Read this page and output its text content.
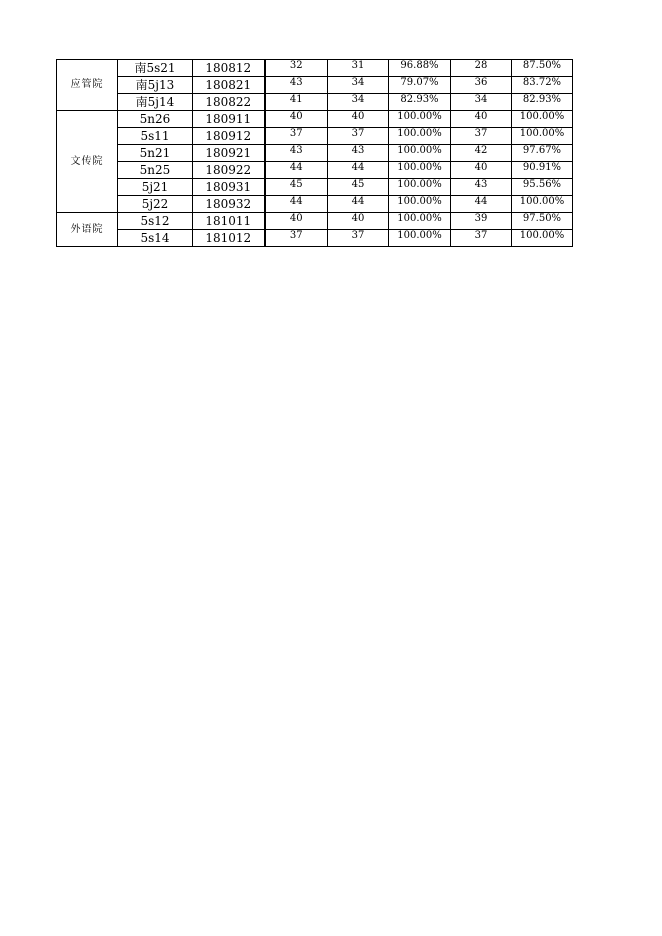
应管院	南5s21	180812	32	31	96.88%	28	87.50%
	南5j13	180821	43	34	79.07%	36	83.72%
	南5j14	180822	41	34	82.93%	34	82.93%
文传院	5n26	180911	40	40	100.00%	40	100.00%
	5s11	180912	37	37	100.00%	37	100.00%
	5n21	180921	43	43	100.00%	42	97.67%
	5n25	180922	44	44	100.00%	40	90.91%
	5j21	180931	45	45	100.00%	43	95.56%
	5j22	180932	44	44	100.00%	44	100.00%
外语院	5s12	181011	40	40	100.00%	39	97.50%
	5s14	181012	37	37	100.00%	37	100.00%
